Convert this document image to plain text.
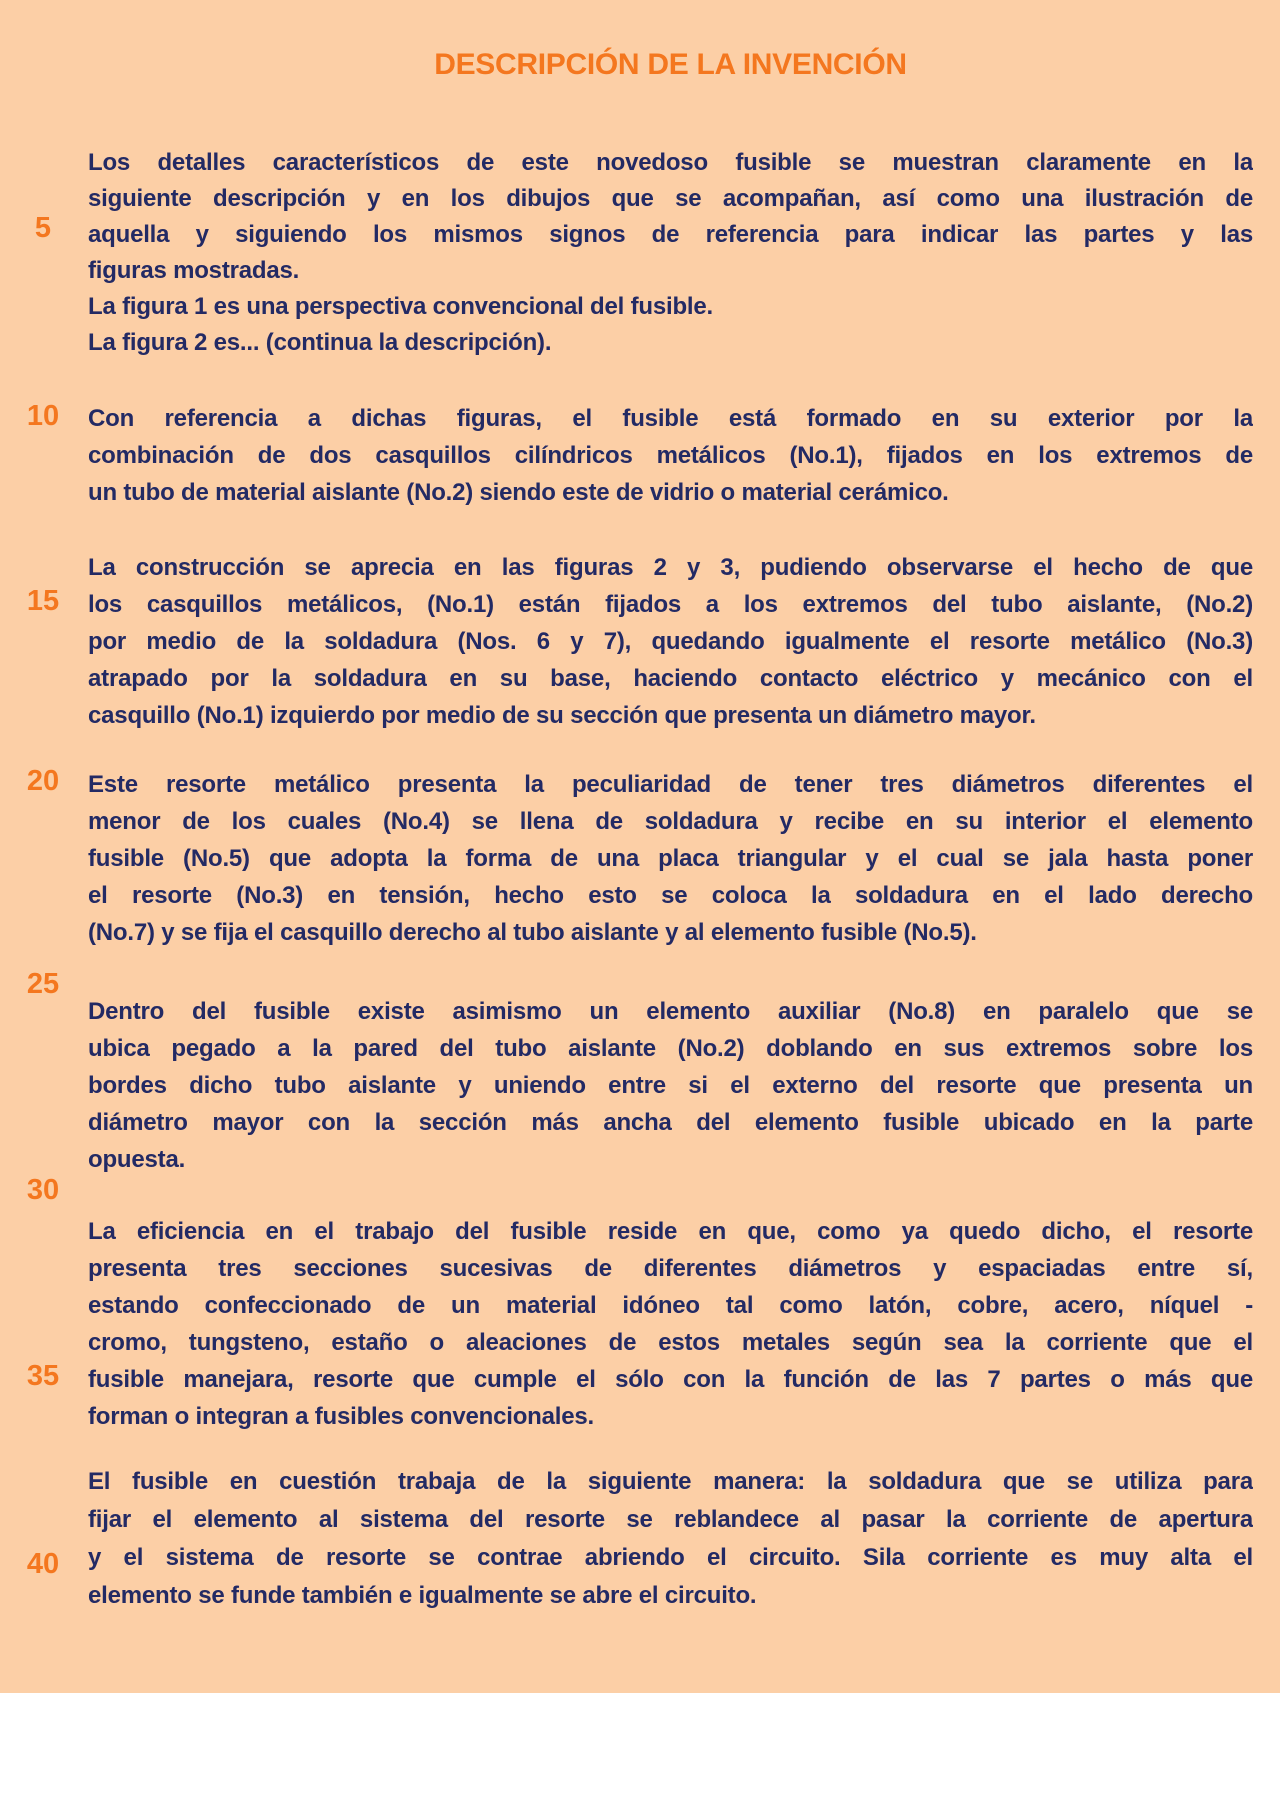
DESCRIPCIÓN DE LA INVENCIÓN
5
10
15
20
25
30
35
40
Los detalles característicos de este novedoso fusible se muestran claramente en la
siguiente descripción y en los dibujos que se acompañan, así como una ilustración de
aquella y siguiendo los mismos signos de referencia para indicar las partes y las
figuras mostradas.
La figura 1 es una perspectiva convencional del fusible.
La figura 2 es... (continua la descripción).
Con referencia a dichas figuras, el fusible está formado en su exterior por la
combinación de dos casquillos cilíndricos metálicos (No.1), fijados en los extremos de
un tubo de material aislante (No.2) siendo este de vidrio o material cerámico.
La construcción se aprecia en las figuras 2 y 3, pudiendo observarse el hecho de que
los casquillos metálicos, (No.1) están fijados a los extremos del tubo aislante, (No.2)
por medio de la soldadura (Nos. 6 y 7), quedando igualmente el resorte metálico (No.3)
atrapado por la soldadura en su base, haciendo contacto eléctrico y mecánico con el
casquillo (No.1) izquierdo por medio de su sección que presenta un diámetro mayor.
Este resorte metálico presenta la peculiaridad de tener tres diámetros diferentes el
menor de los cuales (No.4) se llena de soldadura y recibe en su interior el elemento
fusible (No.5) que adopta la forma de una placa triangular y el cual se jala hasta poner
el resorte (No.3) en tensión, hecho esto se coloca la soldadura en el lado derecho
(No.7) y se fija el casquillo derecho al tubo aislante y al elemento fusible (No.5).
Dentro del fusible existe asimismo un elemento auxiliar (No.8) en paralelo que se
ubica pegado a la pared del tubo aislante (No.2) doblando en sus extremos sobre los
bordes dicho tubo aislante y uniendo entre si el externo del resorte que presenta un
diámetro mayor con la sección más ancha del elemento fusible ubicado en la parte
opuesta.
La eficiencia en el trabajo del fusible reside en que, como ya quedo dicho, el resorte
presenta tres secciones sucesivas de diferentes diámetros y espaciadas entre sí,
estando confeccionado de un material idóneo tal como latón, cobre, acero, níquel -
cromo, tungsteno, estaño o aleaciones de estos metales según sea la corriente que el
fusible manejara, resorte que cumple el sólo con la función de las 7 partes o más que
forman o integran a fusibles convencionales.
El fusible en cuestión trabaja de la siguiente manera: la soldadura que se utiliza para
fijar el elemento al sistema del resorte se reblandece al pasar la corriente de apertura
y el sistema de resorte se contrae abriendo el circuito. Sila corriente es muy alta el
elemento se funde también e igualmente se abre el circuito.
